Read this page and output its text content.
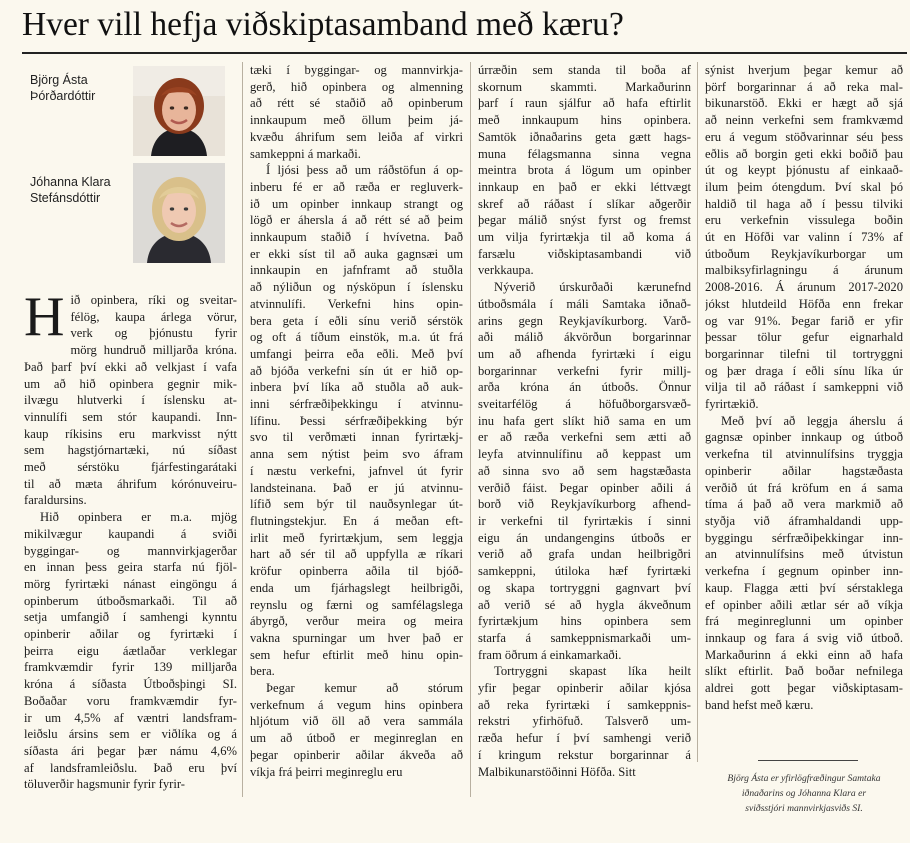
Hver vill hefja viðskiptasamband með kæru?
Björg Ásta
Þórðardóttir
Jóhanna Klara
Stefánsdóttir
H ið opinbera, ríki og sveitar-
félög, kaupa árlega vörur,
verk og þjónustu fyrir
mörg hundruð milljarða króna.
Það þarf því ekki að velkjast í vafa
um að hið opinbera gegnir mik-
ilvægu hlutverki í íslensku at-
vinnulífi sem stór kaupandi. Inn-
kaup ríkisins eru markvisst nýtt
sem hagstjórnartæki, nú síðast
með sérstöku fjárfestingarátaki
til að mæta áhrifum kórónuveiru-
faraldursins.
Hið opinbera er m.a. mjög
mikilvægur kaupandi á sviði
byggingar- og mannvirkjagerðar
en innan þess geira starfa nú fjöl-
mörg fyrirtæki nánast eingöngu á
opinberum útboðsmarkaði. Til að
setja umfangið í samhengi kynntu
opinberir aðilar og fyrirtæki í
þeirra eigu áætlaðar verklegar
framkvæmdir fyrir 139 milljarða
króna á síðasta Útboðsþingi SI.
Boðaðar voru framkvæmdir fyr-
ir um 4,5% af væntri landsfram-
leiðslu ársins sem er viðlíka og á
síðasta ári þegar þær námu 4,6%
af landsframleiðslu. Það eru því
töluverðir hagsmunir fyrir fyrir-
tæki í byggingar- og mannvirkja-
gerð, hið opinbera og almenning
að rétt sé staðið að opinberum
innkaupum með öllum þeim já-
kvæðu áhrifum sem leiða af virkri
samkeppni á markaði.
Í ljósi þess að um ráðstöfun á op-
inberu fé er að ræða er regluverk-
ið um opinber innkaup strangt og
lögð er áhersla á að rétt sé að þeim
innkaupum staðið í hvívetna. Það
er ekki síst til að auka gagnsæi um
innkaupin en jafnframt að stuðla
að nýliðun og nýsköpun í íslensku
atvinnulífi. Verkefni hins opin-
bera geta í eðli sínu verið sérstök
og oft á tíðum einstök, m.a. út frá
umfangi þeirra eða eðli. Með því
að bjóða verkefni sín út er hið op-
inbera því líka að stuðla að auk-
inni sérfræðiþekkingu í atvinnu-
lífinu. Þessi sérfræðiþekking býr
svo til verðmæti innan fyrirtækj-
anna sem nýtist þeim svo áfram
í næstu verkefni, jafnvel út fyrir
landsteinana. Það er jú atvinnu-
lífið sem býr til nauðsynlegar út-
flutningstekjur. En á meðan eft-
irlit með fyrirtækjum, sem leggja
hart að sér til að uppfylla æ ríkari
kröfur opinberra aðila til bjóð-
enda um fjárhagslegt heilbrigði,
reynslu og færni og samfélagslega
ábyrgð, verður meira og meira
vakna spurningar um hver það er
sem hefur eftirlit með hinu opin-
bera.
Þegar kemur að stórum
verkefnum á vegum hins opinbera
hljótum við öll að vera sammála
um að útboð er meginreglan en
þegar opinberir aðilar ákveða að
víkja frá þeirri meginreglu eru
úrræðin sem standa til boða af
skornum skammti. Markaðurinn
þarf í raun sjálfur að hafa eftirlit
með innkaupum hins opinbera.
Samtök iðnaðarins geta gætt hags-
muna félagsmanna sinna vegna
meintra brota á lögum um opinber
innkaup en það er ekki léttvægt
skref að ráðast í slíkar aðgerðir
þegar málið snýst fyrst og fremst
um vilja fyrirtækja til að koma á
farsælu viðskiptasambandi við
verkkaupa.
Nýverið úrskurðaði kærunefnd
útboðsmála í máli Samtaka iðnað-
arins gegn Reykjavíkurborg. Varð-
aði málið ákvörðun borgarinnar
um að afhenda fyrirtæki í eigu
borgarinnar verkefni fyrir millj-
arða króna án útboðs. Önnur
sveitarfélög á höfuðborgarsvæð-
inu hafa gert slíkt hið sama en um
er að ræða verkefni sem ætti að
leyfa atvinnulífinu að keppast um
að sinna svo að sem hagstæðasta
verðið fáist. Þegar opinber aðili á
borð við Reykjavíkurborg afhend-
ir verkefni til fyrirtækis í sinni
eigu án undangengins útboðs er
verið að grafa undan heilbrigðri
samkeppni, útiloka hæf fyrirtæki
og skapa tortryggni gagnvart því
að verið sé að hygla ákveðnum
fyrirtækjum hins opinbera sem
starfa á samkeppnismarkaði um-
fram öðrum á einkamarkaði.
Tortryggni skapast líka heilt
yfir þegar opinberir aðilar kjósa
að reka fyrirtæki í samkeppnis-
rekstri yfirhöfuð. Talsverð um-
ræða hefur í því samhengi verið
í kringum rekstur borgarinnar á
Malbikunarstöðinni Höfða. Sitt
sýnist hverjum þegar kemur að
þörf borgarinnar á að reka mal-
bikunarstöð. Ekki er hægt að sjá
að neinn verkefni sem framkvæmd
eru á vegum stöðvarinnar séu þess
eðlis að borgin geti ekki boðið þau
út og keypt þjónustu af einkaað-
ilum þeim ótengdum. Því skal þó
haldið til haga að í þessu tilviki
eru verkefnin vissulega boðin
út en Höfði var valinn í 73% af
útboðum Reykjavíkurborgar um
malbiksyfirlagningu á árunum
2008-2016. Á árunum 2017-2020
jókst hlutdeild Höfða enn frekar
og var 91%. Þegar farið er yfir
þessar tölur gefur eignarhald
borgarinnar tilefni til tortryggni
og þær draga í eðli sínu líka úr
vilja til að ráðast í samkeppni við
fyrirtækið.
Með því að leggja áherslu á
gagnsæ opinber innkaup og útboð
verkefna til atvinnulífsins tryggja
opinberir aðilar hagstæðasta
verðið út frá kröfum en á sama
tíma á það að vera markmið að
styðja við áframhaldandi upp-
byggingu sérfræðiþekkingar inn-
an atvinnulífsins með útvistun
verkefna í gegnum opinber inn-
kaup. Flagga ætti því sérstaklega
ef opinber aðili ætlar sér að víkja
frá meginreglunni um opinber
innkaup og fara á svig við útboð.
Markaðurinn á ekki einn að hafa
slíkt eftirlit. Það boðar nefnilega
aldrei gott þegar viðskiptasam-
band hefst með kæru.
Björg Ásta er yfirlögfræðingur Samtaka
iðnaðarins og Jóhanna Klara er
sviðsstjóri mannvirkjasviðs SI.
